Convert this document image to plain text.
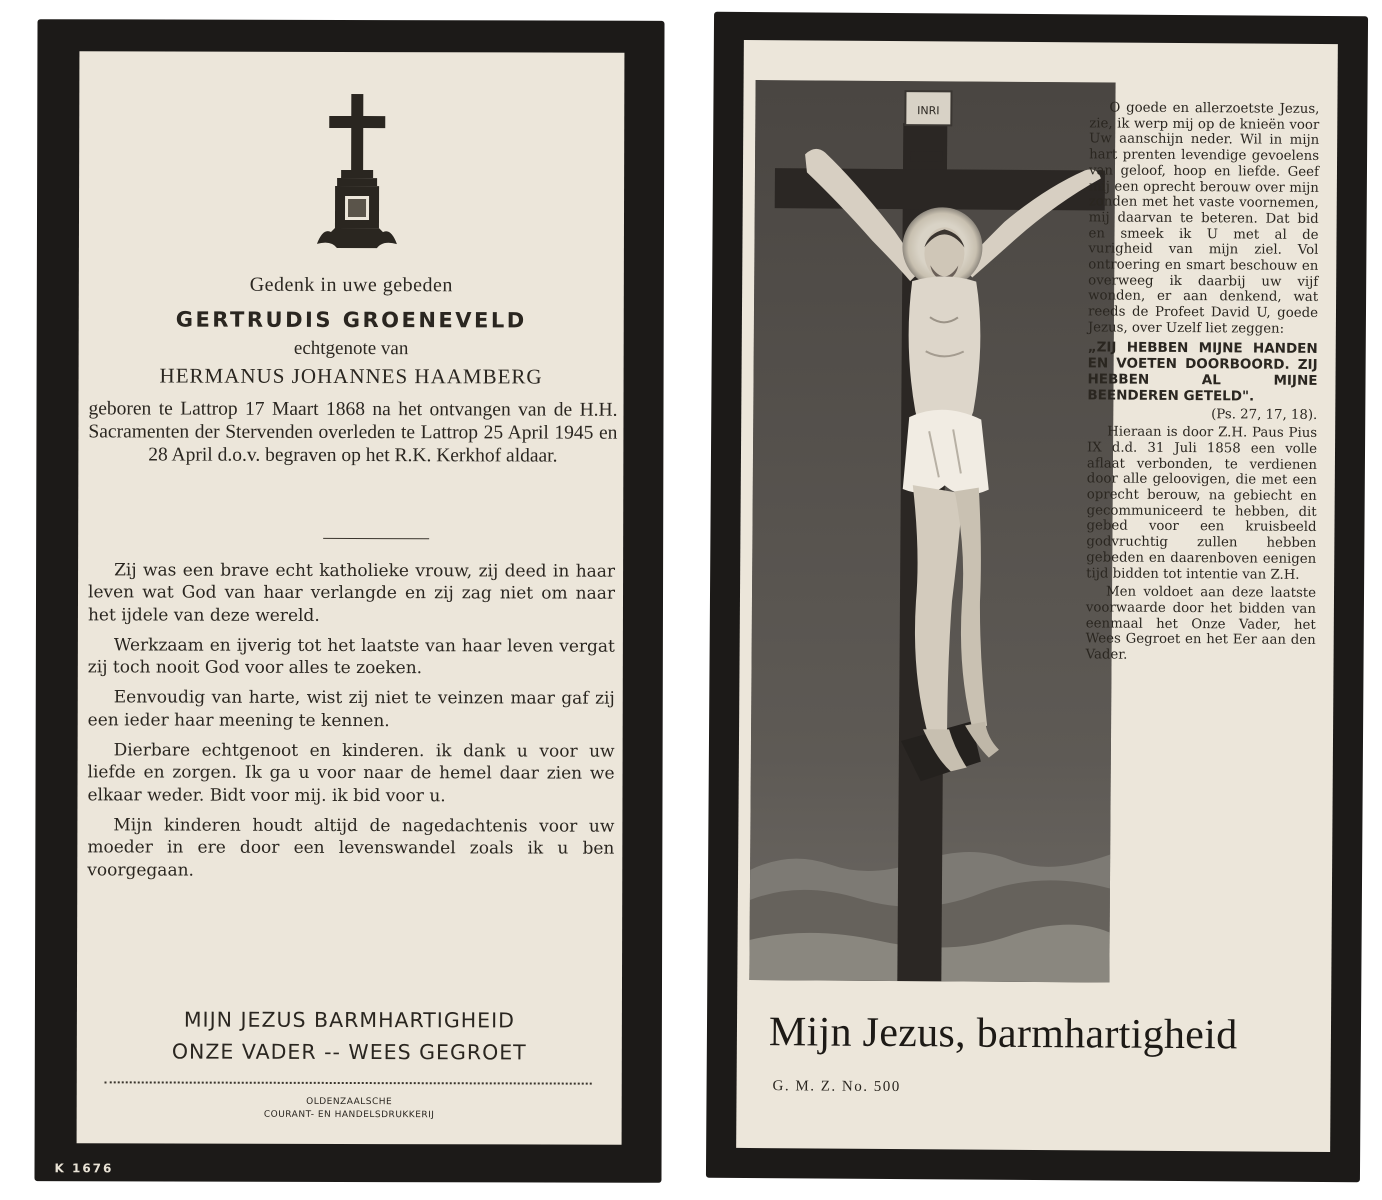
Gedenk in uwe gebeden
GERTRUDIS GROENEVELD
echtgenote van
HERMANUS JOHANNES HAAMBERG
geboren te Lattrop 17 Maart 1868 na het ontvangen van de H.H. Sacramenten der Stervenden overleden te Lattrop 25 April 1945 en 28 April d.o.v. begraven op het R.K. Kerkhof aldaar.

Zij was een brave echt katholieke vrouw, zij deed in haar leven wat God van haar verlangde en zij zag niet om naar het ijdele van deze wereld.

Werkzaam en ijverig tot het laatste van haar leven vergat zij toch nooit God voor alles te zoeken.

Eenvoudig van harte, wist zij niet te veinzen maar gaf zij een ieder haar meening te kennen.

Dierbare echtgenoot en kinderen. ik dank u voor uw liefde en zorgen. Ik ga u voor naar de hemel daar zien we elkaar weder. Bidt voor mij. ik bid voor u.

Mijn kinderen houdt altijd de nagedachtenis voor uw moeder in ere door een levenswandel zoals ik u ben voorgegaan.

MIJN JEZUS BARMHARTIGHEID
ONZE VADER -- WEES GEGROET
OLDENZAALSCHE
COURANT- EN HANDELSDRUKKERIJ
K 1676
INRI	O goede en allerzoetste Jezus, zie, ik werp mij op de knieën voor Uw aanschijn neder. Wil in mijn hart prenten levendige gevoelens van geloof, hoop en liefde. Geef mij een oprecht berouw over mijn zonden met het vaste voornemen, mij daarvan te beteren. Dat bid en smeek ik U met al de vurigheid van mijn ziel. Vol ontroering en smart beschouw en overweeg ik daarbij uw vijf wonden, er aan denkend, wat reeds de Profeet David U, goede Jezus, over Uzelf liet zeggen:

„ZIJ HEBBEN MIJNE HANDEN EN VOETEN DOORBOORD. ZIJ HEBBEN AL MIJNE BEENDEREN GETELD".

(Ps. 27, 17, 18).

Hieraan is door Z.H. Paus Pius IX d.d. 31 Juli 1858 een volle aflaat verbonden, te verdienen door alle geloovigen, die met een oprecht berouw, na gebiecht en gecommuniceerd te hebben, dit gebed voor een kruisbeeld godvruchtig zullen hebben gebeden en daarenboven eenigen tijd bidden tot intentie van Z.H.

Men voldoet aan deze laatste voorwaarde door het bidden van eenmaal het Onze Vader, het Wees Gegroet en het Eer aan den Vader.

Mijn Jezus, barmhartigheid
G. M. Z. No. 500
